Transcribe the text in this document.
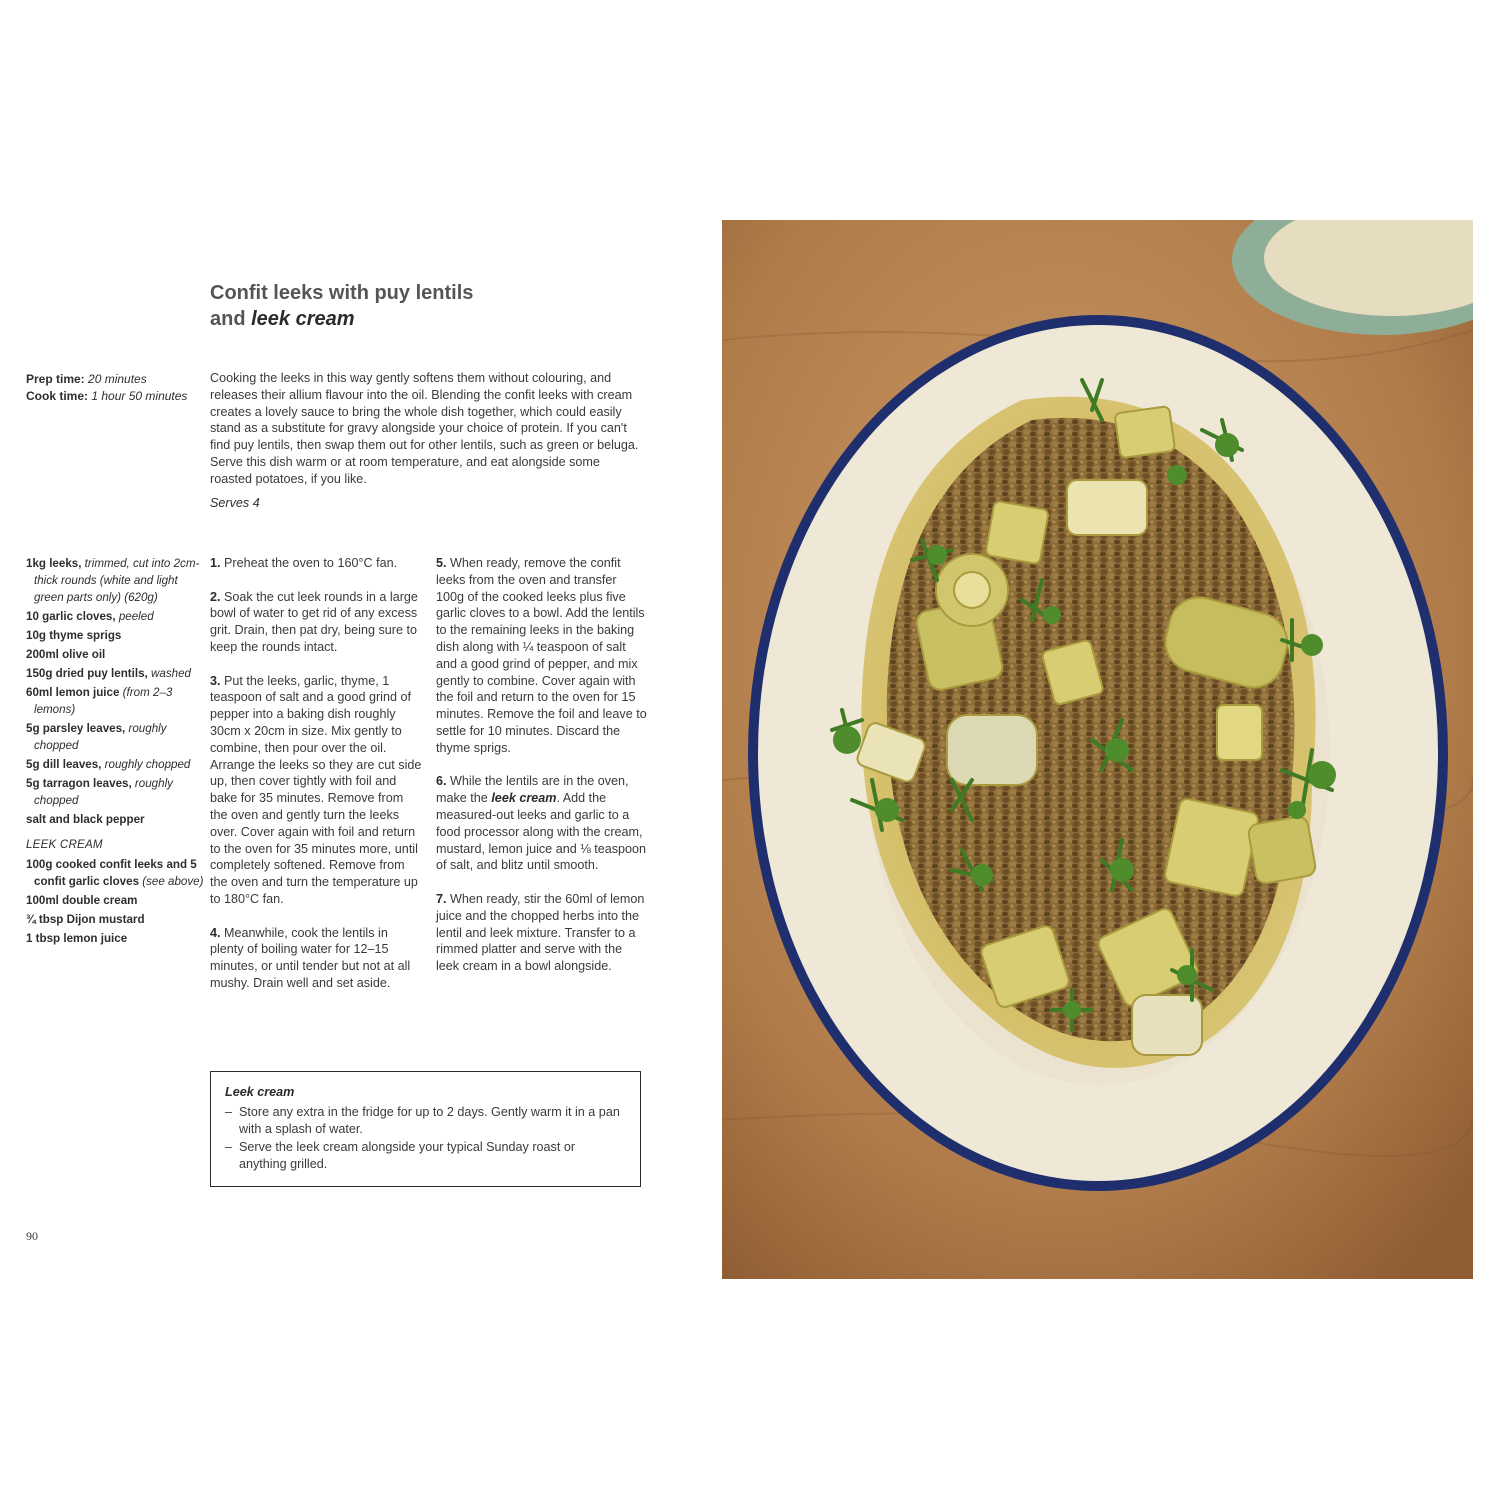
Confit leeks with puy lentils
and leek cream
Prep time: 20 minutes
Cook time: 1 hour 50 minutes

Cooking the leeks in this way gently softens them without colouring, and releases their allium flavour into the oil. Blending the confit leeks with cream creates a lovely sauce to bring the whole dish together, which could easily stand as a substitute for gravy alongside your choice of protein. If you can't find puy lentils, then swap them out for other lentils, such as green or beluga. Serve this dish warm or at room temperature, and eat alongside some roasted potatoes, if you like.

Serves 4
1kg leeks, trimmed, cut into 2cm-thick rounds (white and light green parts only) (620g)
10 garlic cloves, peeled
10g thyme sprigs
200ml olive oil
150g dried puy lentils, washed
60ml lemon juice (from 2–3 lemons)
5g parsley leaves, roughly chopped
5g dill leaves, roughly chopped
5g tarragon leaves, roughly chopped
salt and black pepper
LEEK CREAM
100g cooked confit leeks and 5 confit garlic cloves (see above)
100ml double cream
¾ tbsp Dijon mustard
1 tbsp lemon juice

1. Preheat the oven to 160°C fan.

2. Soak the cut leek rounds in a large bowl of water to get rid of any excess grit. Drain, then pat dry, being sure to keep the rounds intact.

3. Put the leeks, garlic, thyme, 1 teaspoon of salt and a good grind of pepper into a baking dish roughly 30cm x 20cm in size. Mix gently to combine, then pour over the oil. Arrange the leeks so they are cut side up, then cover tightly with foil and bake for 35 minutes. Remove from the oven and gently turn the leeks over. Cover again with foil and return to the oven for 35 minutes more, until completely softened. Remove from the oven and turn the temperature up to 180°C fan.

4. Meanwhile, cook the lentils in plenty of boiling water for 12–15 minutes, or until tender but not at all mushy. Drain well and set aside.

5. When ready, remove the confit leeks from the oven and transfer 100g of the cooked leeks plus five garlic cloves to a bowl. Add the lentils to the remaining leeks in the baking dish along with ¼ teaspoon of salt and a good grind of pepper, and mix gently to combine. Cover again with the foil and return to the oven for 15 minutes. Remove the foil and leave to settle for 10 minutes. Discard the thyme sprigs.

6. While the lentils are in the oven, make the leek cream. Add the measured-out leeks and garlic to a food processor along with the cream, mustard, lemon juice and ⅛ teaspoon of salt, and blitz until smooth.

7. When ready, stir the 60ml of lemon juice and the chopped herbs into the lentil and leek mixture. Transfer to a rimmed platter and serve with the leek cream in a bowl alongside.

Leek cream
–  Store any extra in the fridge for up to 2 days. Gently warm it in a pan with a splash of water.
–  Serve the leek cream alongside your typical Sunday roast or anything grilled.
90
